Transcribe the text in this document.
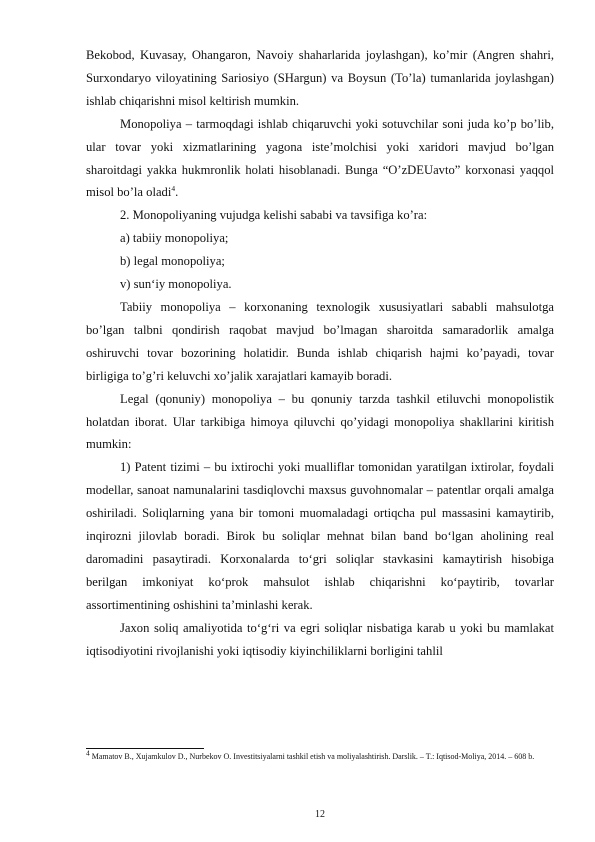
Bekobod, Kuvasay, Ohangaron, Navoiy shaharlarida joylashgan), ko’mir (Angren shahri, Surxondaryo viloyatining Sariosiyo (SHargun) va Boysun (To’la) tumanlarida joylashgan) ishlab chiqarishni misol keltirish mumkin.

Monopoliya – tarmoqdagi ishlab chiqaruvchi yoki sotuvchilar soni juda ko’p bo’lib, ular tovar yoki xizmatlarining yagona iste’molchisi yoki xaridori mavjud bo’lgan sharoitdagi yakka hukmronlik holati hisoblanadi. Bunga “O’zDEUavto” korxonasi yaqqol misol bo’la oladi$^4$.

2. Monopoliyaning vujudga kelishi sababi va tavsifiga ko’ra:

a) tabiiy monopoliya;

b) legal monopoliya;

v) sun‘iy monopoliya.

Tabiiy monopoliya – korxonaning texnologik xususiyatlari sababli mahsulotga bo’lgan talbni qondirish raqobat mavjud bo’lmagan sharoitda samaradorlik amalga oshiruvchi tovar bozorining holatidir. Bunda ishlab chiqarish hajmi ko’payadi, tovar birligiga to’g’ri keluvchi xo’jalik xarajatlari kamayib boradi.

Legal (qonuniy) monopoliya – bu qonuniy tarzda tashkil etiluvchi monopolistik holatdan iborat. Ular tarkibiga himoya qiluvchi qo’yidagi monopoliya shakllarini kiritish mumkin:

1) Patent tizimi – bu ixtirochi yoki mualliflar tomonidan yaratilgan ixtirolar, foydali modellar, sanoat namunalarini tasdiqlovchi maxsus guvohnomalar – patentlar orqali amalga oshiriladi. Soliqlarning yana bir tomoni muomaladagi ortiqcha pul massasini kamaytirib, inqirozni jilovlab boradi. Birok bu soliqlar mehnat bilan band bo‘lgan aholining real daromadini pasaytiradi. Korxonalarda to‘gri soliqlar stavkasini kamaytirish hisobiga berilgan imkoniyat ko‘prok mahsulot ishlab chiqarishni ko‘paytirib, tovarlar assortimentining oshishini ta’minlashi kerak.

Jaxon soliq amaliyotida to‘g‘ri va egri soliqlar nisbatiga karab u yoki bu mamlakat iqtisodiyotini rivojlanishi yoki iqtisodiy kiyinchiliklarni borligini tahlil

$^4$ Mamatov B., Xujamkulov D., Nurbekov O. Investitsiyalarni tashkil etish va moliyalashtirish. Darslik. – T.: Iqtisod-Moliya, 2014. – 608 b.
12
